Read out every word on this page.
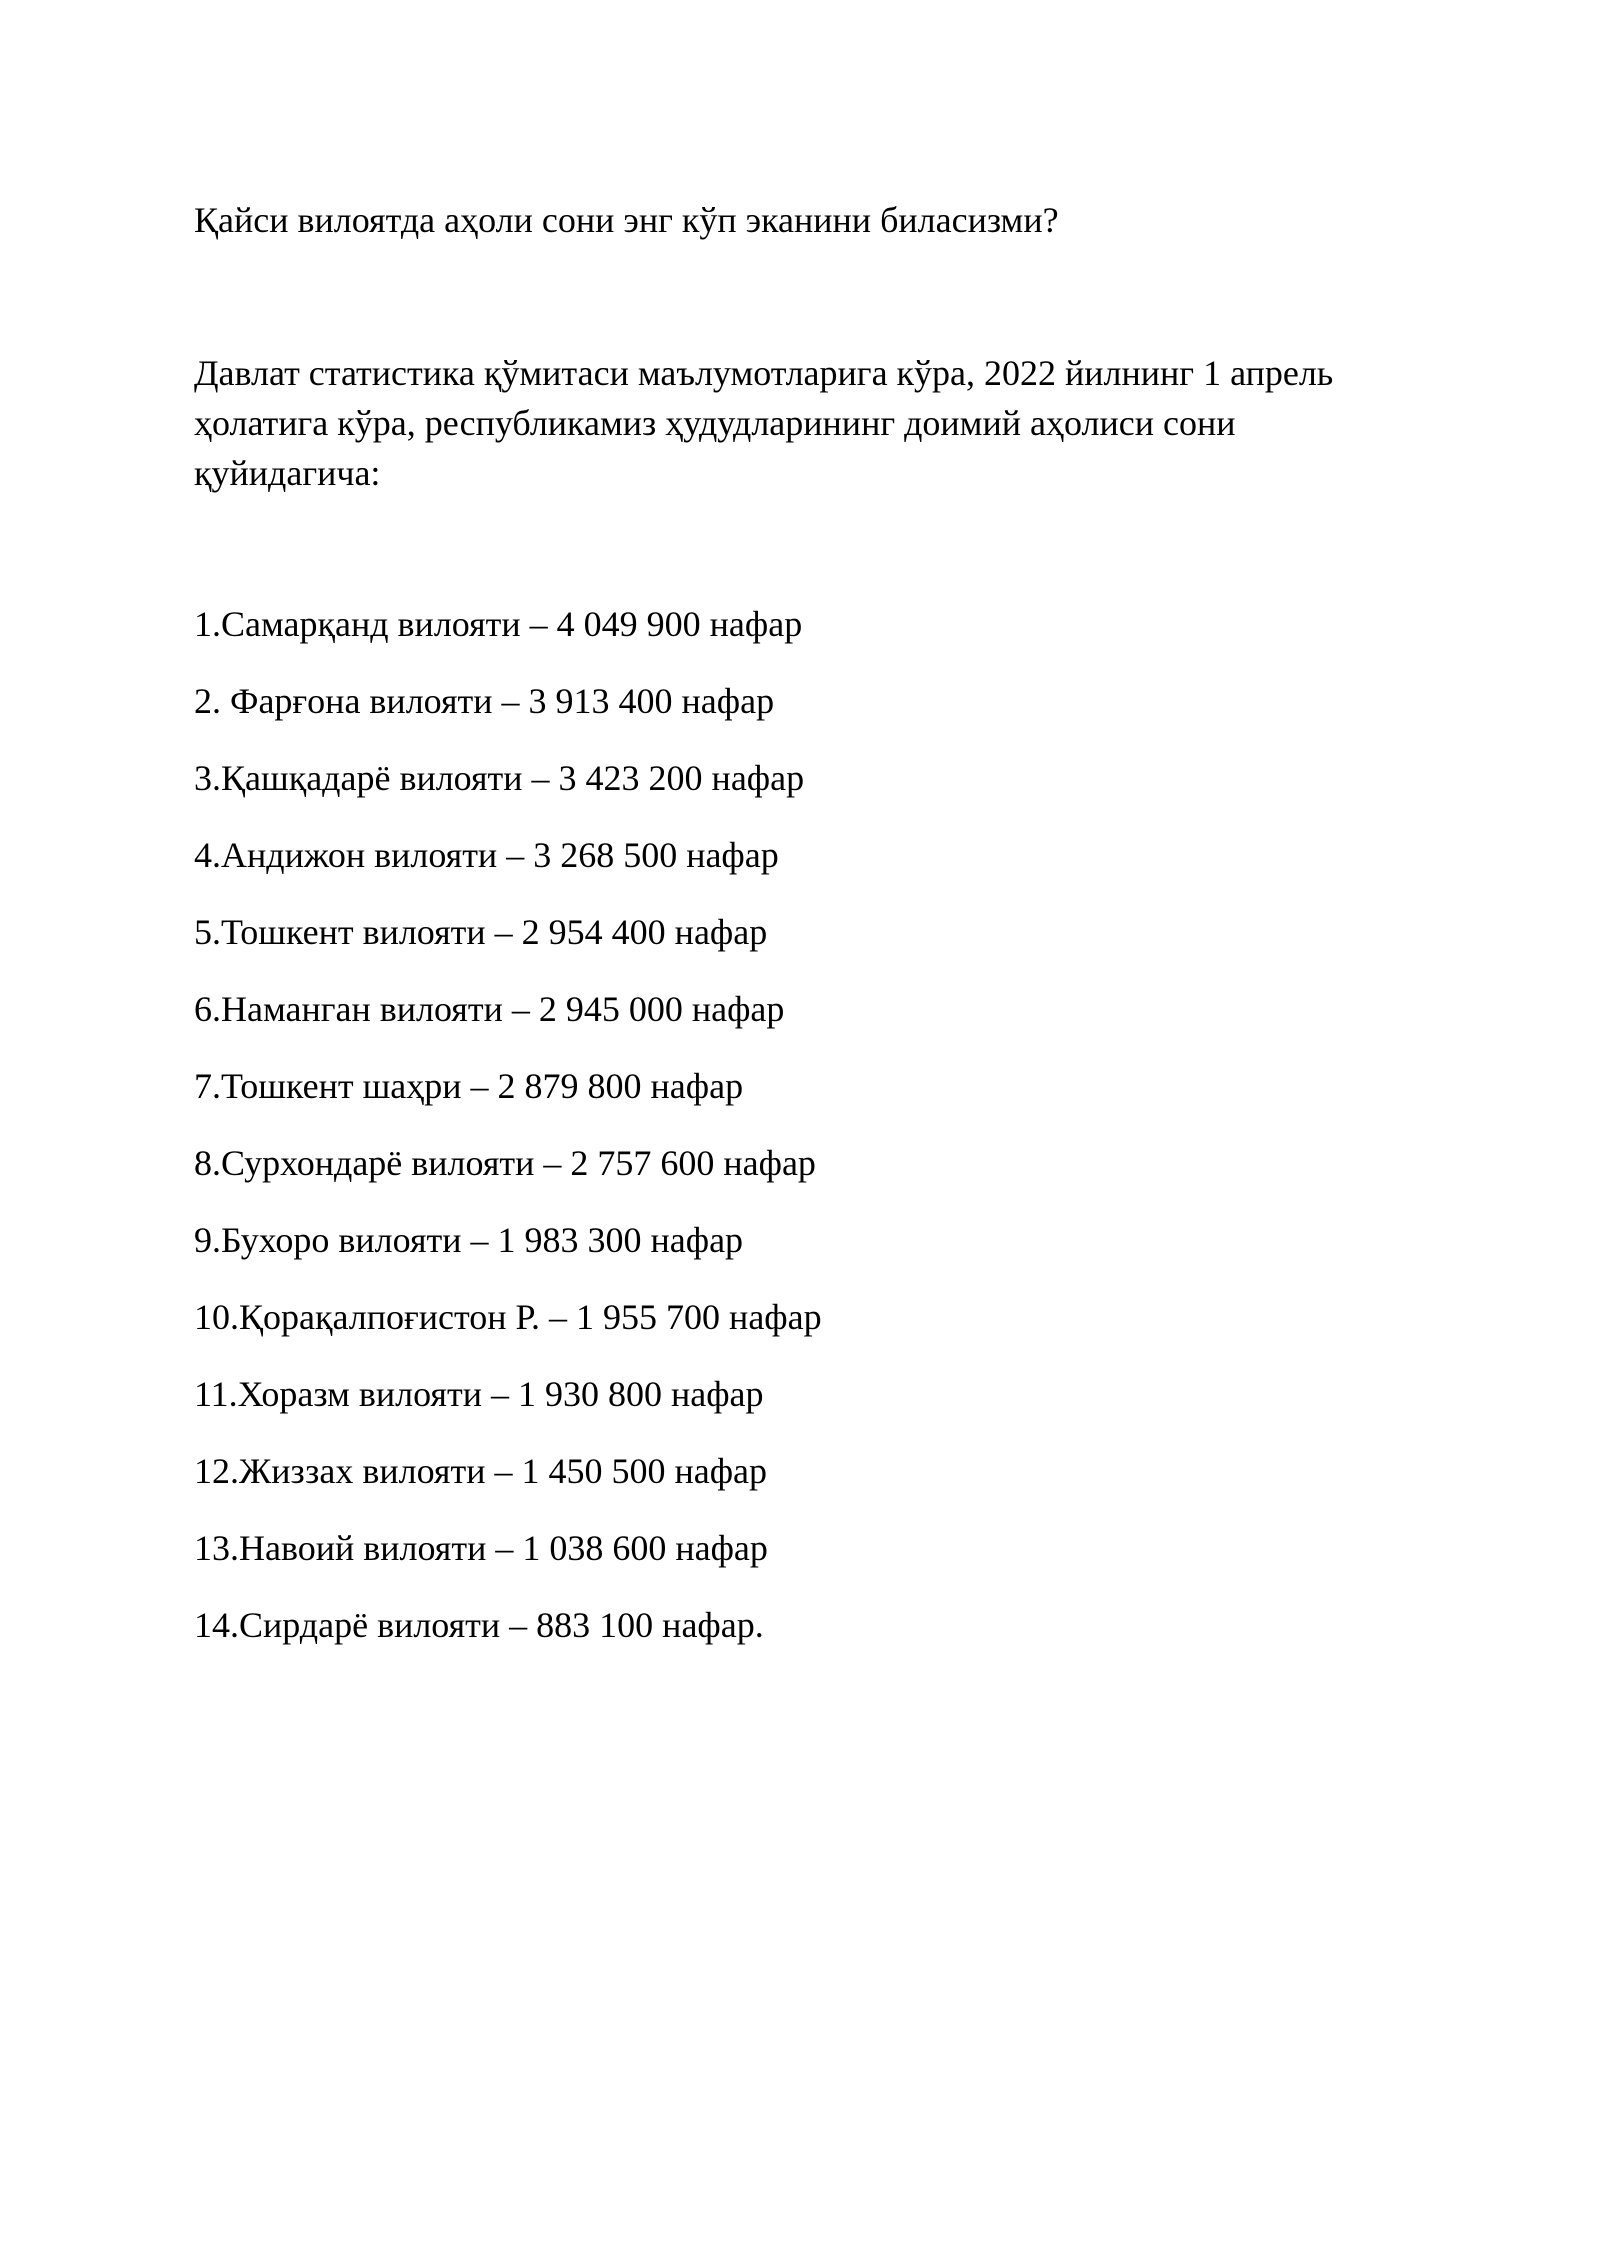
Қайси вилоятда аҳоли сони энг кўп эканини биласизми?
Давлат статистика қўмитаси маълумотларига кўра, 2022 йилнинг 1 апрель ҳолатига кўра, республикамиз ҳудудларининг доимий аҳолиси сони қуйидагича:
1.Самарқанд вилояти – 4 049 900 нафар
2. Фарғона вилояти – 3 913 400 нафар
3.Қашқадарё вилояти – 3 423 200 нафар
4.Андижон вилояти – 3 268 500 нафар
5.Тошкент вилояти – 2 954 400 нафар
6.Наманган вилояти – 2 945 000 нафар
7.Тошкент шаҳри – 2 879 800 нафар
8.Сурхондарё вилояти – 2 757 600 нафар
9.Бухоро вилояти – 1 983 300 нафар
10.Қорақалпоғистон Р. – 1 955 700 нафар
11.Хоразм вилояти – 1 930 800 нафар
12.Жиззах вилояти – 1 450 500 нафар
13.Навоий вилояти – 1 038 600 нафар
14.Сирдарё вилояти – 883 100 нафар.
